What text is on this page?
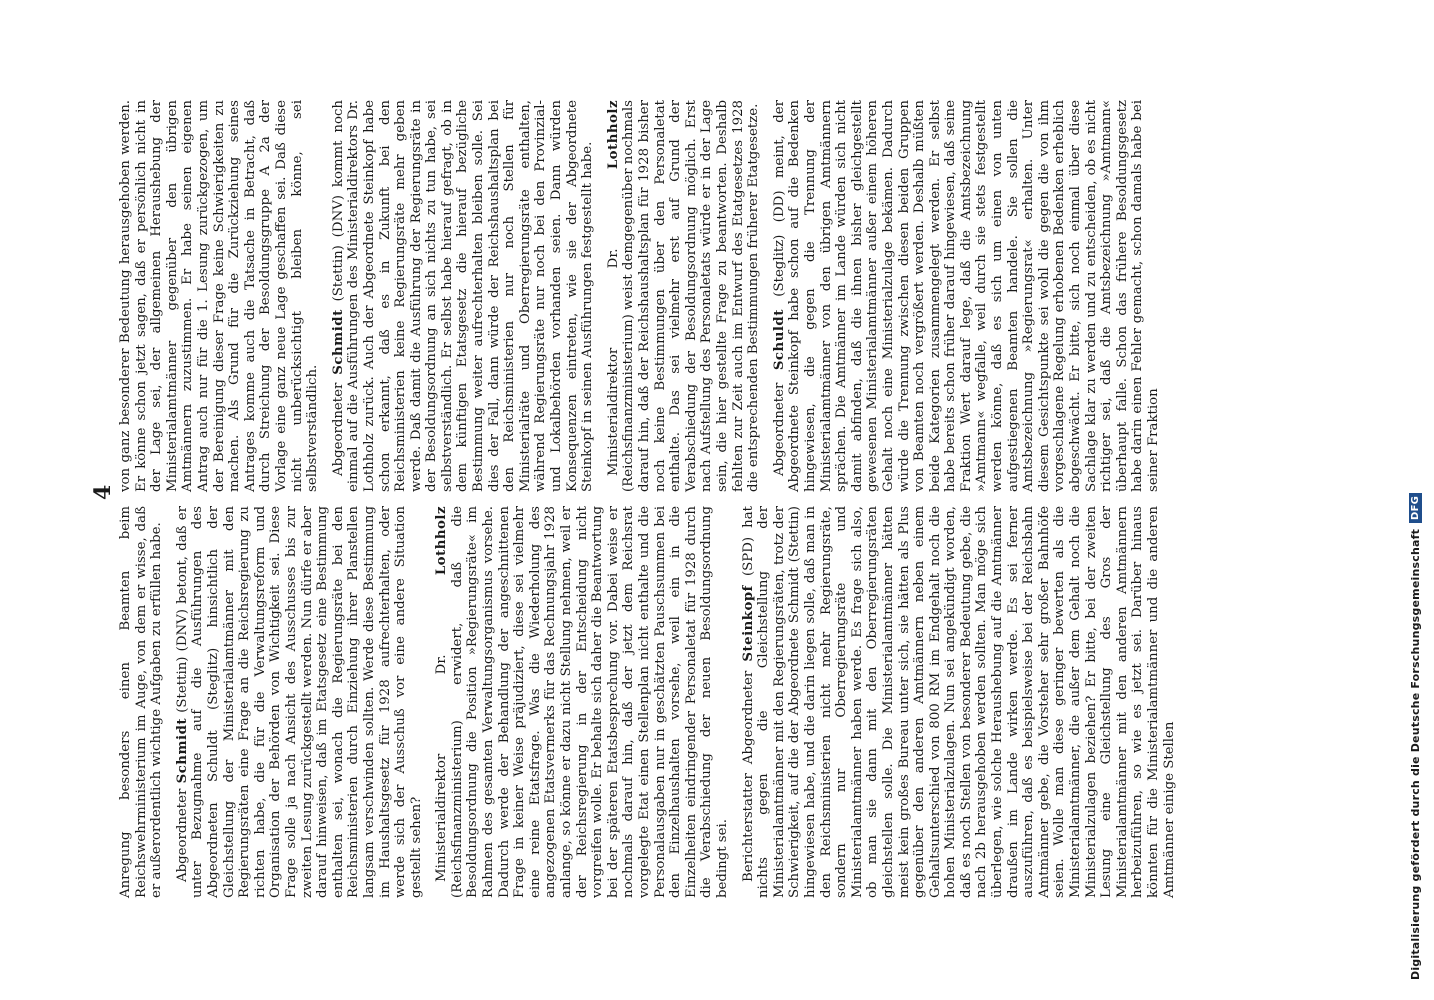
4

Anregung besonders einen Beamten beim Reichswehrministerium im Auge, von dem er wisse, daß er außerordentlich wichtige Aufgaben zu erfüllen habe. Abgeordneter Schmidt (Stettin) (DNV) betont, daß er unter Bezugnahme auf die Ausführungen des Abgeordneten Schuldt (Steglitz) hinsichtlich der Gleichstellung der Ministerialamtmänner mit den Regierungsräten eine Frage an die Reichsregierung zu richten habe, die für die Verwaltungsreform und Organisation der Behörden von Wichtigkeit sei. Diese Frage solle ja nach Ansicht des Ausschusses bis zur zweiten Lesung zurückgestellt werden. Nun dürfe er aber darauf hinweisen, daß im Etatsgesetz eine Bestimmung enthalten sei, wonach die Regierungsräte bei den Reichsministerien durch Einziehung ihrer Planstellen langsam verschwinden sollten. Werde diese Bestimmung im Haushaltsgesetz für 1928 aufrechterhalten, oder werde sich der Ausschuß vor eine andere Situation gestellt sehen? Ministerialdirektor Dr. Lothholz (Reichsfinanzministerium) erwidert, daß die Besoldungsordnung die Position »Regierungsräte« im Rahmen des gesamten Verwaltungsorganismus vorsehe. Dadurch werde der Behandlung der angeschnittenen Frage in keiner Weise präjudiziert, diese sei vielmehr eine reine Etatsfrage. Was die Wiederholung des angezogenen Etatsvermerks für das Rechnungsjahr 1928 anlange, so könne er dazu nicht Stellung nehmen, weil er der Reichsregierung in der Entscheidung nicht vorgreifen wolle. Er behalte sich daher die Beantwortung bei der späteren Etatsbesprechung vor. Dabei weise er nochmals darauf hin, daß der jetzt dem Reichsrat vorgelegte Etat einen Stellenplan nicht enthalte und die Personalausgaben nur in geschätzten Pauschsummen bei den Einzelhaushalten vorsehe, weil ein in die Einzelheiten eindringender Personaletat für 1928 durch die Verabschiedung der neuen Besoldungsordnung bedingt sei. Berichterstatter Abgeordneter Steinkopf (SPD) hat nichts gegen die Gleichstellung der Ministerialamtmänner mit den Regierungsräten, trotz der Schwierigkeit, auf die der Abgeordnete Schmidt (Stettin) hingewiesen habe, und die darin liegen solle, daß man in den Reichsministerien nicht mehr Regierungsräte, sondern nur Oberregierungsräte und Ministerialamtmänner haben werde. Es frage sich also, ob man sie dann mit den Oberregierungsräten gleichstellen solle. Die Ministerialamtmänner hätten meist kein großes Bureau unter sich, sie hätten als Plus gegenüber den anderen Amtmännern neben einem Gehaltsunterschied von 800 RM im Endgehalt noch die hohen Ministerialzulagen. Nun sei angekündigt worden, daß es noch Stellen von besonderer Bedeutung gebe, die nach 2b herausgehoben werden sollten. Man möge sich überlegen, wie solche Heraushebung auf die Amtmänner draußen im Lande wirken werde. Es sei ferner auszuführen, daß es beispielsweise bei der Reichsbahn Amtmänner gebe, die Vorsteher sehr großer Bahnhöfe seien. Wolle man diese geringer bewerten als die Ministerialamtmänner, die außer dem Gehalt noch die Ministerialzulagen beziehen? Er bitte, bei der zweiten Lesung eine Gleichstellung des Gros der Ministerialamtmänner mit den anderen Amtmännern herbeizuführen, so wie es jetzt sei. Darüber hinaus könnten für die Ministerialamtmänner und die anderen Amtmänner einige Stellen

von ganz besonderer Bedeutung herausgehoben werden. Er könne schon jetzt sagen, daß er persönlich nicht in der Lage sei, der allgemeinen Heraushebung der Ministerialamtmänner gegenüber den übrigen Amtmännern zuzustimmen. Er habe seinen eigenen Antrag auch nur für die 1. Lesung zurückgezogen, um der Bereinigung dieser Frage keine Schwierigkeiten zu machen. Als Grund für die Zurückziehung seines Antrages komme auch die Tatsache in Betracht, daß durch Streichung der Besoldungsgruppe A 2a der Vorlage eine ganz neue Lage geschaffen sei. Daß diese nicht unberücksichtigt bleiben könne, sei selbstverständlich. Abgeordneter Schmidt (Stettin) (DNV) kommt noch einmal auf die Ausführungen des Ministerialdirektors Dr. Lothholz zurück. Auch der Abgeordnete Steinkopf habe schon erkannt, daß es in Zukunft bei den Reichsministerien keine Regierungsräte mehr geben werde. Daß damit die Ausführung der Regierungsräte in der Besoldungsordnung an sich nichts zu tun habe, sei selbstverständlich. Er selbst habe hierauf gefragt, ob in dem künftigen Etatsgesetz die hierauf bezügliche Bestimmung weiter aufrechterhalten bleiben solle. Sei dies der Fall, dann würde der Reichshaushaltsplan bei den Reichsministerien nur noch Stellen für Ministerialräte und Oberregierungsräte enthalten, während Regierungsräte nur noch bei den Provinzial- und Lokalbehörden vorhanden seien. Dann würden Konsequenzen eintreten, wie sie der Abgeordnete Steinkopf in seinen Ausführungen festgestellt habe. Ministerialdirektor Dr. Lothholz (Reichsfinanzministerium) weist demgegenüber nochmals darauf hin, daß der Reichshaushaltsplan für 1928 bisher noch keine Bestimmungen über den Personaletat enthalte. Das sei vielmehr erst auf Grund der Verabschiedung der Besoldungsordnung möglich. Erst nach Aufstellung des Personaletats würde er in der Lage sein, die hier gestellte Frage zu beantworten. Deshalb fehlten zur Zeit auch im Entwurf des Etatgesetzes 1928 die entsprechenden Bestimmungen früherer Etatgesetze. Abgeordneter Schuldt (Steglitz) (DD) meint, der Abgeordnete Steinkopf habe schon auf die Bedenken hingewiesen, die gegen die Trennung der Ministerialamtmänner von den übrigen Amtmännern sprächen. Die Amtmänner im Lande würden sich nicht damit abfinden, daß die ihnen bisher gleichgestellt gewesenen Ministerialamtmänner außer einem höheren Gehalt noch eine Ministerialzulage bekämen. Dadurch würde die Trennung zwischen diesen beiden Gruppen von Beamten noch vergrößert werden. Deshalb müßten beide Kategorien zusammengelegt werden. Er selbst habe bereits schon früher darauf hingewiesen, daß seine Fraktion Wert darauf lege, daß die Amtsbezeichnung »Amtmann« wegfalle, weil durch sie stets festgestellt werden könne, daß es sich um einen von unten aufgestiegenen Beamten handele. Sie sollen die Amtsbezeichnung »Regierungsrat« erhalten. Unter diesem Gesichtspunkte sei wohl die gegen die von ihm vorgeschlagene Regelung erhobenen Bedenken erheblich abgeschwächt. Er bitte, sich noch einmal über diese Sachlage klar zu werden und zu entscheiden, ob es nicht richtiger sei, daß die Amtsbezeichnung »Amtmann« überhaupt falle. Schon das frühere Besoldungsgesetz habe darin einen Fehler gemacht, schon damals habe bei seiner Fraktion

Digitalisierung gefördert durch die Deutsche Forschungsgemeinschaft
DFG
